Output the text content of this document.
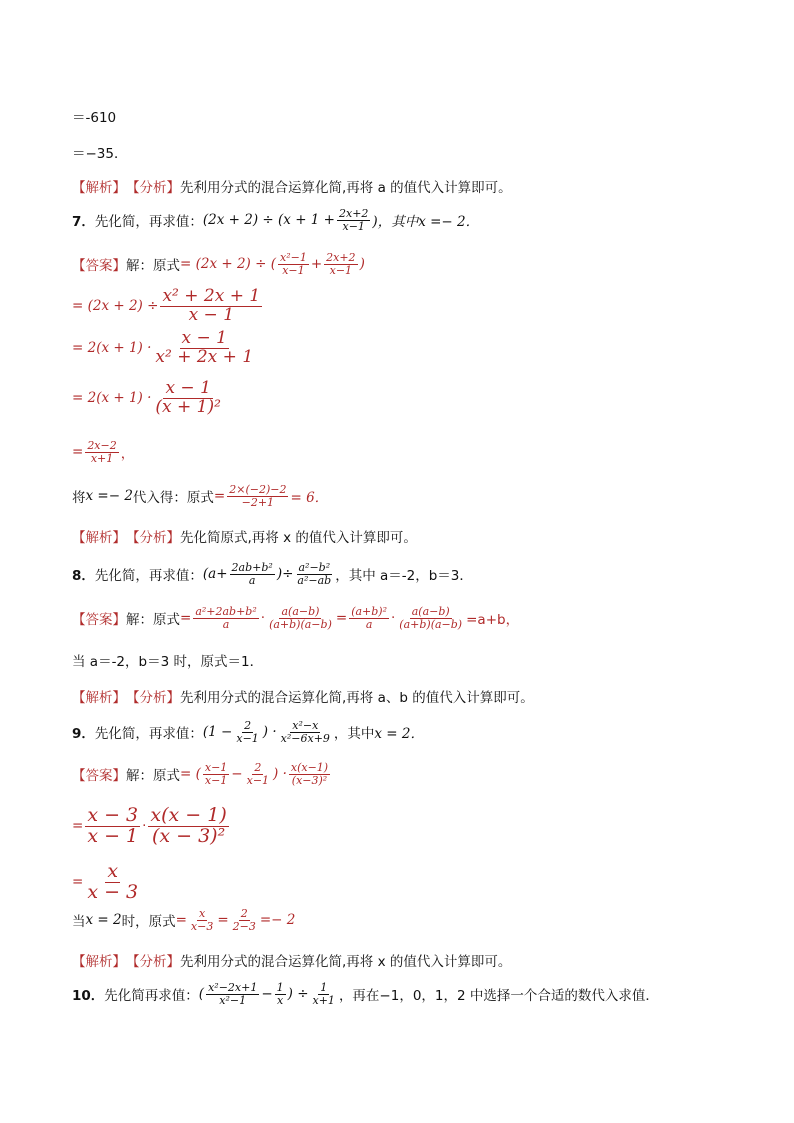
＝-610
＝−35．
【解析】 【分析】 先利用分式的混合运算化简,再将 a 的值代入计算即可。
7． 先化简，再求值： $(2x + 2) \div (x + 1 + \frac{2x+2}{x-1}$ )，其中 x =− 2．
【答案】 解：原式 = (2x + 2) ÷ ( $\frac{\text{x²−1}}{x-1} + \frac{2x+2}{x-1}$ )
= $(2x + 2) \div \frac{\text{x² + 2x + 1}}{x - 1}$
= $2(x + 1) \cdot \frac{x - 1}{\text{x² + 2x + 1}}$
= $2(x + 1) \cdot \frac{x - 1}{\text{(x + 1)²}}$
= $\frac{2x-2}{x+1}$ ，
将 x =− 2 代入得：原式 = $\frac{2\times(-2)-2}{-2+1} = 6$．
【解析】 【分析】 先化简原式,再将 x 的值代入计算即可。
8． 先化简，再求值： ($a+ \frac{\text{2ab+b²}}{a}$ )÷ $\frac{\text{a²−b²}}{\text{a²−ab}}$ ，其中 a＝-2，b＝3．
【答案】 解：原式 = $\frac{\text{a²+2ab+b²}}{a} \cdot \frac{a(a-b)}{(a+b)(a-b)} = \frac{\text{(a+b)²}}{a} \cdot \frac{a(a-b)}{(a+b)(a-b)} =a+b$，
当 a＝-2，b＝3 时，原式＝1．
【解析】 【分析】 先利用分式的混合运算化简,再将 a、b 的值代入计算即可。
9． 先化简，再求值： ($1 - \frac{2}{x-1}$ ) · $\frac{\text{x²−x}}{\text{x²−6x+9}}$ ，其中 x = 2．
【答案】 解：原式 = ( $\frac{x-1}{x-1} - \frac{2}{x-1}$ ) · $\frac{x(x-1)}{\text{(x−3)²}}$
= $\frac{x - 3}{x - 1} \cdot \frac{x(x - 1)}{\text{(x − 3)²}}$
= $\frac{x}{x - 3}$
当 x = 2 时，原式 = $\frac{x}{x-3} = \frac{2}{2-3} =- 2$
【解析】 【分析】 先利用分式的混合运算化简,再将 x 的值代入计算即可。
10． 先化简再求值： ( $\frac{\text{x²−2x+1}}{\text{x²−1}} - \frac{1}{x}$ ) ÷ $\frac{1}{x+1}$ ，再在−1，0，1，2 中选择一个合适的数代入求值．
